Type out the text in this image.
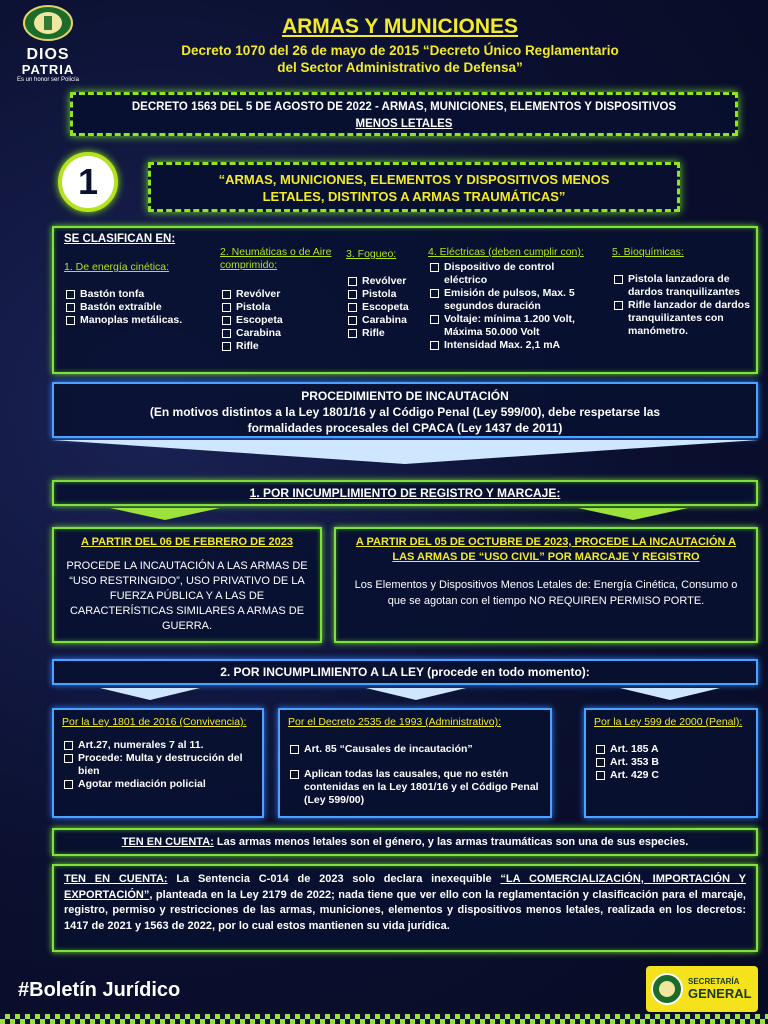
DIOS
PATRIA
Es un honor ser Policía
ARMAS Y MUNICIONES
Decreto 1070 del 26 de mayo de 2015 “Decreto Único Reglamentario
del Sector Administrativo de Defensa”
DECRETO 1563 DEL 5 DE AGOSTO DE 2022 - ARMAS, MUNICIONES, ELEMENTOS Y DISPOSITIVOS
MENOS LETALES
1	“ARMAS, MUNICIONES, ELEMENTOS Y DISPOSITIVOS MENOS
LETALES, DISTINTOS A ARMAS TRAUMÁTICAS”
SE CLASIFICAN EN:
1. De energía cinética:
Bastón tonfa
Bastón extraíble
Manoplas metálicas.
2. Neumáticas o de Aire comprimido:
Revólver
Pistola
Escopeta
Carabina
Rifle
3. Fogueo:
Revólver
Pistola
Escopeta
Carabina
Rifle
4. Eléctricas (deben cumplir con):
Dispositivo de control eléctrico
Emisión de pulsos, Max. 5 segundos duración
Voltaje: mínima 1.200 Volt, Máxima 50.000 Volt
Intensidad Max. 2,1 mA
5. Bioquímicas:
Pistola lanzadora de dardos tranquilizantes
Rifle lanzador de dardos tranquilizantes con manómetro.
PROCEDIMIENTO DE INCAUTACIÓN
(En motivos distintos a la Ley 1801/16 y al Código Penal (Ley 599/00), debe respetarse las
formalidades procesales del CPACA (Ley 1437 de 2011)
1. POR INCUMPLIMIENTO DE REGISTRO Y MARCAJE:
A PARTIR DEL 06 DE FEBRERO DE 2023
PROCEDE LA INCAUTACIÓN A LAS ARMAS DE “USO RESTRINGIDO”, USO PRIVATIVO DE LA FUERZA PÚBLICA Y A LAS DE CARACTERÍSTICAS SIMILARES A ARMAS DE GUERRA.
A PARTIR DEL 05 DE OCTUBRE DE 2023, PROCEDE LA INCAUTACIÓN A LAS ARMAS DE “USO CIVIL” POR MARCAJE Y REGISTRO
Los Elementos y Dispositivos Menos Letales de: Energía Cinética, Consumo o que se agotan con el tiempo NO REQUIREN PERMISO PORTE.
2. POR INCUMPLIMIENTO A LA LEY (procede en todo momento):
Por la Ley 1801 de 2016 (Convivencia):
Art.27, numerales 7 al 11.
Procede: Multa y destrucción del bien
Agotar mediación policial
Por el Decreto 2535 de 1993 (Administrativo):
Art. 85 “Causales de incautación”
Aplican todas las causales, que no estén contenidas en la Ley 1801/16 y el Código Penal (Ley 599/00)
Por la Ley 599 de 2000 (Penal):
Art. 185 A
Art. 353 B
Art. 429 C
TEN EN CUENTA: Las armas menos letales son el género, y las armas traumáticas son una de sus especies.
TEN EN CUENTA: La Sentencia C-014 de 2023 solo declara inexequible “LA COMERCIALIZACIÓN, IMPORTACIÓN Y EXPORTACIÓN”, planteada en la Ley 2179 de 2022; nada tiene que ver ello con la reglamentación y clasificación para el marcaje, registro, permiso y restricciones de las armas, municiones, elementos y dispositivos menos letales, realizada en los decretos: 1417 de 2021 y 1563 de 2022, por lo cual estos mantienen su vida jurídica.
#Boletín Jurídico	SECRETARÍA
GENERAL
